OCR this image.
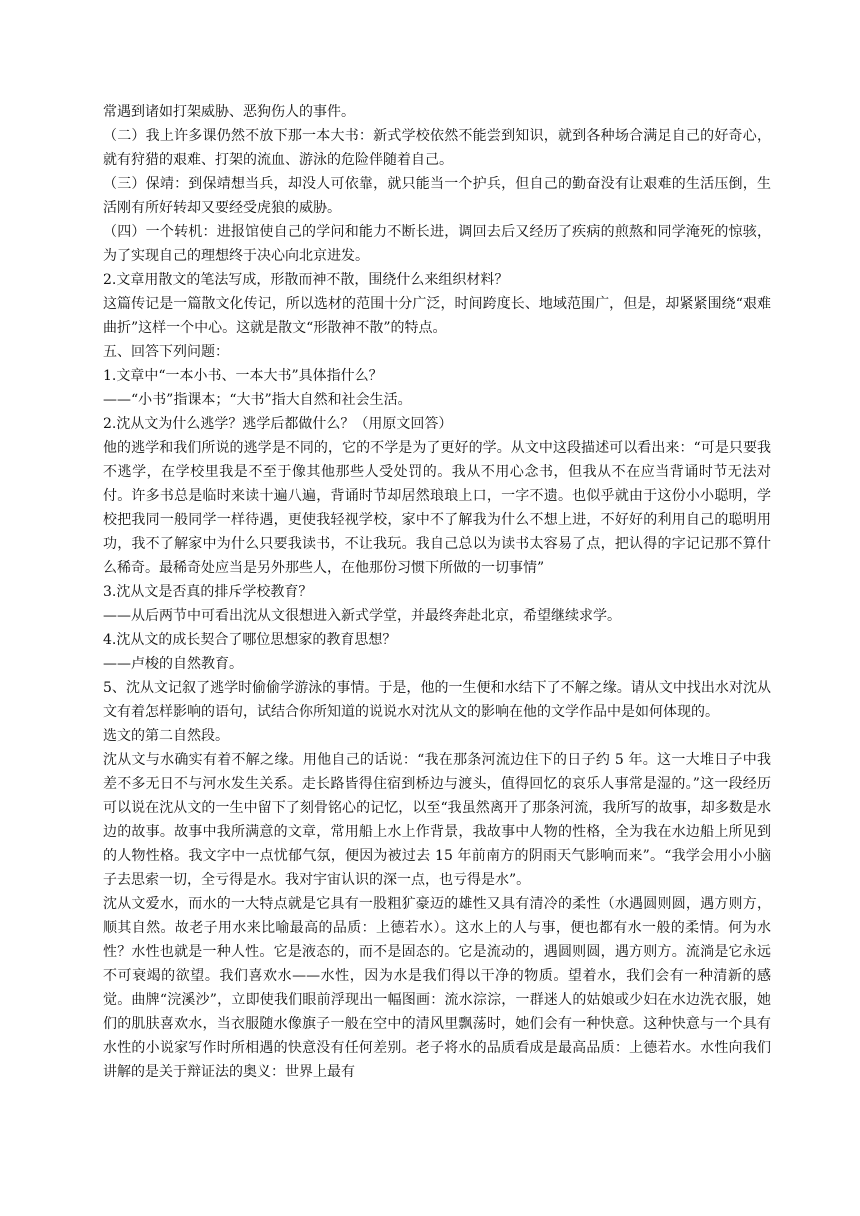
常遇到诸如打架威胁、恶狗伤人的事件。

（二）我上许多课仍然不放下那一本大书：新式学校依然不能尝到知识，就到各种场合满足自己的好奇心，就有狩猎的艰难、打架的流血、游泳的危险伴随着自己。

（三）保靖：到保靖想当兵，却没人可依靠，就只能当一个护兵，但自己的勤奋没有让艰难的生活压倒，生活刚有所好转却又要经受虎狼的威胁。

（四）一个转机：进报馆使自己的学问和能力不断长进，调回去后又经历了疾病的煎熬和同学淹死的惊骇，为了实现自己的理想终于决心向北京进发。

2.文章用散文的笔法写成，形散而神不散，围绕什么来组织材料？

这篇传记是一篇散文化传记，所以选材的范围十分广泛，时间跨度长、地域范围广，但是，却紧紧围绕“艰难曲折”这样一个中心。这就是散文“形散神不散”的特点。

五、回答下列问题：

1.文章中“一本小书、一本大书”具体指什么？

——“小书”指课本；“大书”指大自然和社会生活。

2.沈从文为什么逃学？逃学后都做什么？（用原文回答）

他的逃学和我们所说的逃学是不同的，它的不学是为了更好的学。从文中这段描述可以看出来：“可是只要我不逃学，在学校里我是不至于像其他那些人受处罚的。我从不用心念书，但我从不在应当背诵时节无法对付。许多书总是临时来读十遍八遍，背诵时节却居然琅琅上口，一字不遗。也似乎就由于这份小小聪明，学校把我同一般同学一样待遇，更使我轻视学校，家中不了解我为什么不想上进，不好好的利用自己的聪明用功，我不了解家中为什么只要我读书，不让我玩。我自己总以为读书太容易了点，把认得的字记记那不算什么稀奇。最稀奇处应当是另外那些人，在他那份习惯下所做的一切事情”

3.沈从文是否真的排斥学校教育？

——从后两节中可看出沈从文很想进入新式学堂，并最终奔赴北京，希望继续求学。

4.沈从文的成长契合了哪位思想家的教育思想？

——卢梭的自然教育。

5、沈从文记叙了逃学时偷偷学游泳的事情。于是，他的一生便和水结下了不解之缘。请从文中找出水对沈从文有着怎样影响的语句，试结合你所知道的说说水对沈从文的影响在他的文学作品中是如何体现的。

选文的第二自然段。

沈从文与水确实有着不解之缘。用他自己的话说：“我在那条河流边住下的日子约 5 年。这一大堆日子中我差不多无日不与河水发生关系。走长路皆得住宿到桥边与渡头，值得回忆的哀乐人事常是湿的。”这一段经历可以说在沈从文的一生中留下了刻骨铭心的记忆，以至“我虽然离开了那条河流，我所写的故事，却多数是水边的故事。故事中我所满意的文章，常用船上水上作背景，我故事中人物的性格，全为我在水边船上所见到的人物性格。我文字中一点忧郁气氛，便因为被过去 15 年前南方的阴雨天气影响而来”。“我学会用小小脑子去思索一切，全亏得是水。我对宇宙认识的深一点，也亏得是水”。

沈从文爱水，而水的一大特点就是它具有一股粗犷豪迈的雄性又具有清冷的柔性（水遇圆则圆，遇方则方，顺其自然。故老子用水来比喻最高的品质：上德若水）。这水上的人与事，便也都有水一般的柔情。何为水性？水性也就是一种人性。它是液态的，而不是固态的。它是流动的，遇圆则圆，遇方则方。流淌是它永远不可衰竭的欲望。我们喜欢水——水性，因为水是我们得以干净的物质。望着水，我们会有一种清新的感觉。曲牌“浣溪沙”，立即使我们眼前浮现出一幅图画：流水淙淙，一群迷人的姑娘或少妇在水边洗衣服，她们的肌肤喜欢水，当衣服随水像旗子一般在空中的清风里飘荡时，她们会有一种快意。这种快意与一个具有水性的小说家写作时所相遇的快意没有任何差别。老子将水的品质看成是最高品质：上德若水。水性向我们讲解的是关于辩证法的奥义：世界上最有
